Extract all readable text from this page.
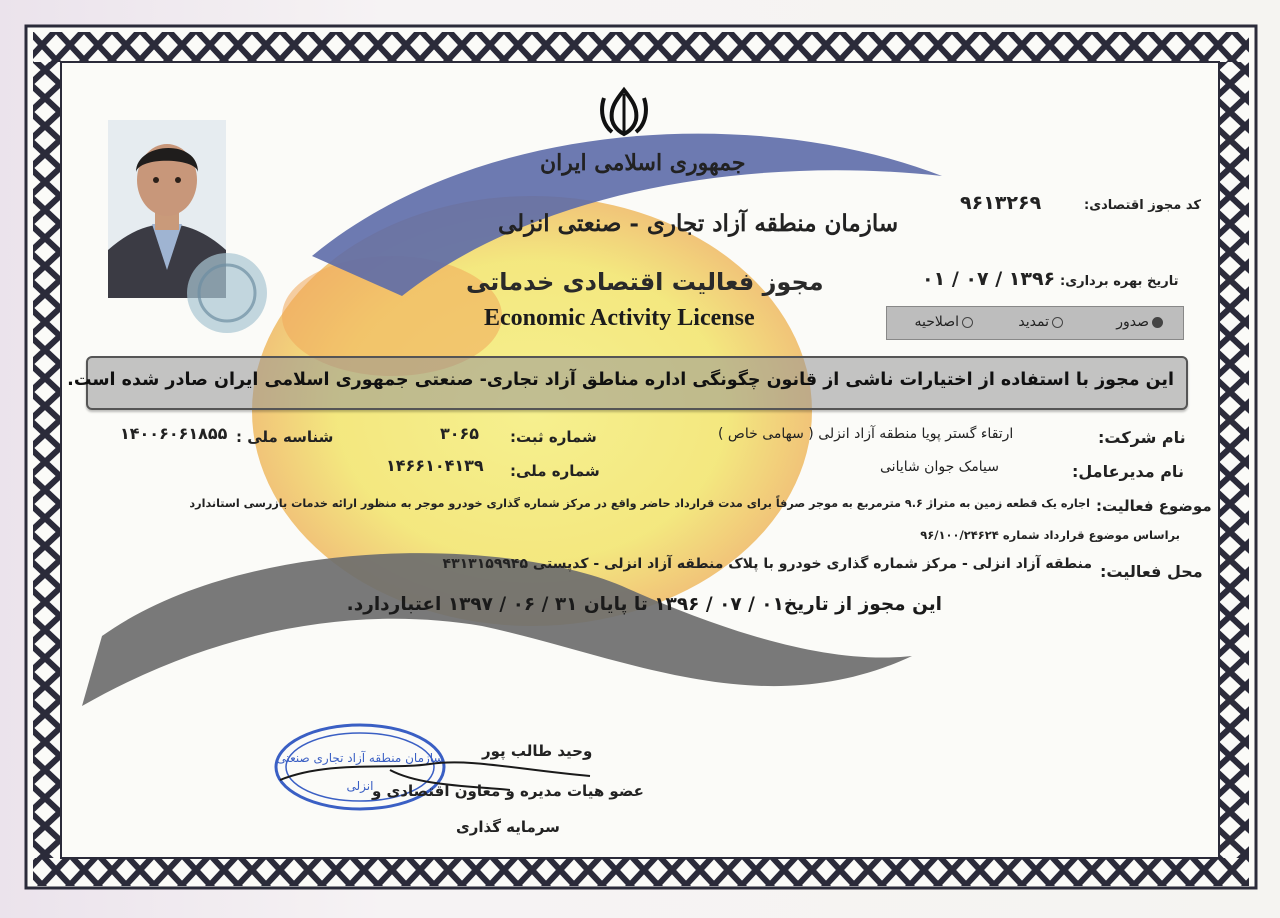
جمهوری اسلامی ایران
سازمان منطقه آزاد تجاری - صنعتی انزلی
مجوز فعالیت اقتصادی خدماتی
Economic Activity License
کد مجوز اقتصادی:
۹۶۱۳۲۶۹
تاریخ بهره برداری:
۱۳۹۶ / ۰۷ / ۰۱
صدور
تمدید
اصلاحیه
این مجوز با استفاده از اختیارات ناشی از قانون چگونگی اداره مناطق آزاد تجاری- صنعتی جمهوری اسلامی ایران صادر شده است.
نام شرکت:
ارتقاء گستر پویا منطقه آزاد انزلی ( سهامی خاص )
شماره ثبت:
۳۰۶۵
شناسه ملی :
۱۴۰۰۶۰۶۱۸۵۵
نام مدیرعامل:
سیامک جوان شایانی
شماره ملی:
۱۴۶۶۱۰۴۱۳۹
موضوع فعالیت:
اجاره یک قطعه زمین به متراژ ۹.۶ مترمربع به موجر صرفاً برای مدت قرارداد حاضر واقع در مرکز شماره گذاری خودرو موجر به منظور ارائه خدمات بازرسی استاندارد
براساس موضوع قرارداد شماره ۹۶/۱۰۰/۲۴۶۲۴
محل فعالیت:
منطقه آزاد انزلی - مرکز شماره گذاری خودرو با پلاک منطقه آزاد انزلی - کدپستی ۴۳۱۳۱۵۹۹۴۵
این مجوز از تاریخ۰۱ / ۰۷ / ۱۳۹۶ تا پایان ۳۱ / ۰۶ / ۱۳۹۷ اعتباردارد.
سازمان منطقه آزاد تجاری صنعتی
انزلی
وحید طالب پور
عضو هیات مدیره و معاون اقتصادی و
سرمایه گذاری
